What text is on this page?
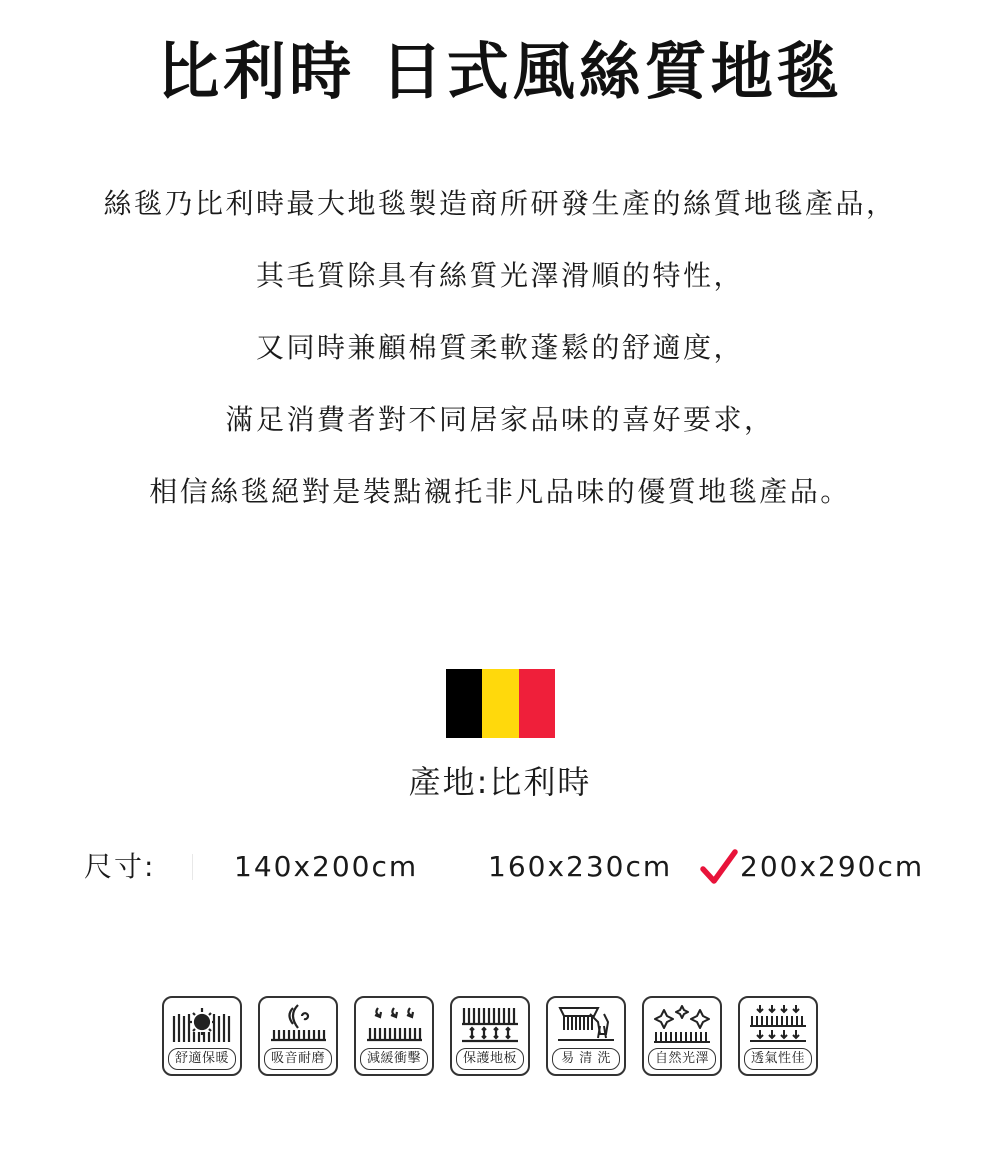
比利時 日式風絲質地毯
絲毯乃比利時最大地毯製造商所研發生產的絲質地毯產品，
其毛質除具有絲質光澤滑順的特性，
又同時兼顧棉質柔軟蓬鬆的舒適度，
滿足消費者對不同居家品味的喜好要求，
相信絲毯絕對是裝點襯托非凡品味的優質地毯產品。
產地:比利時
尺寸:	140x200cm 160x230cm 200x290cm
舒適保暖	吸音耐磨	減緩衝擊	保護地板	易 清 洗	自然光澤	透氣性佳
